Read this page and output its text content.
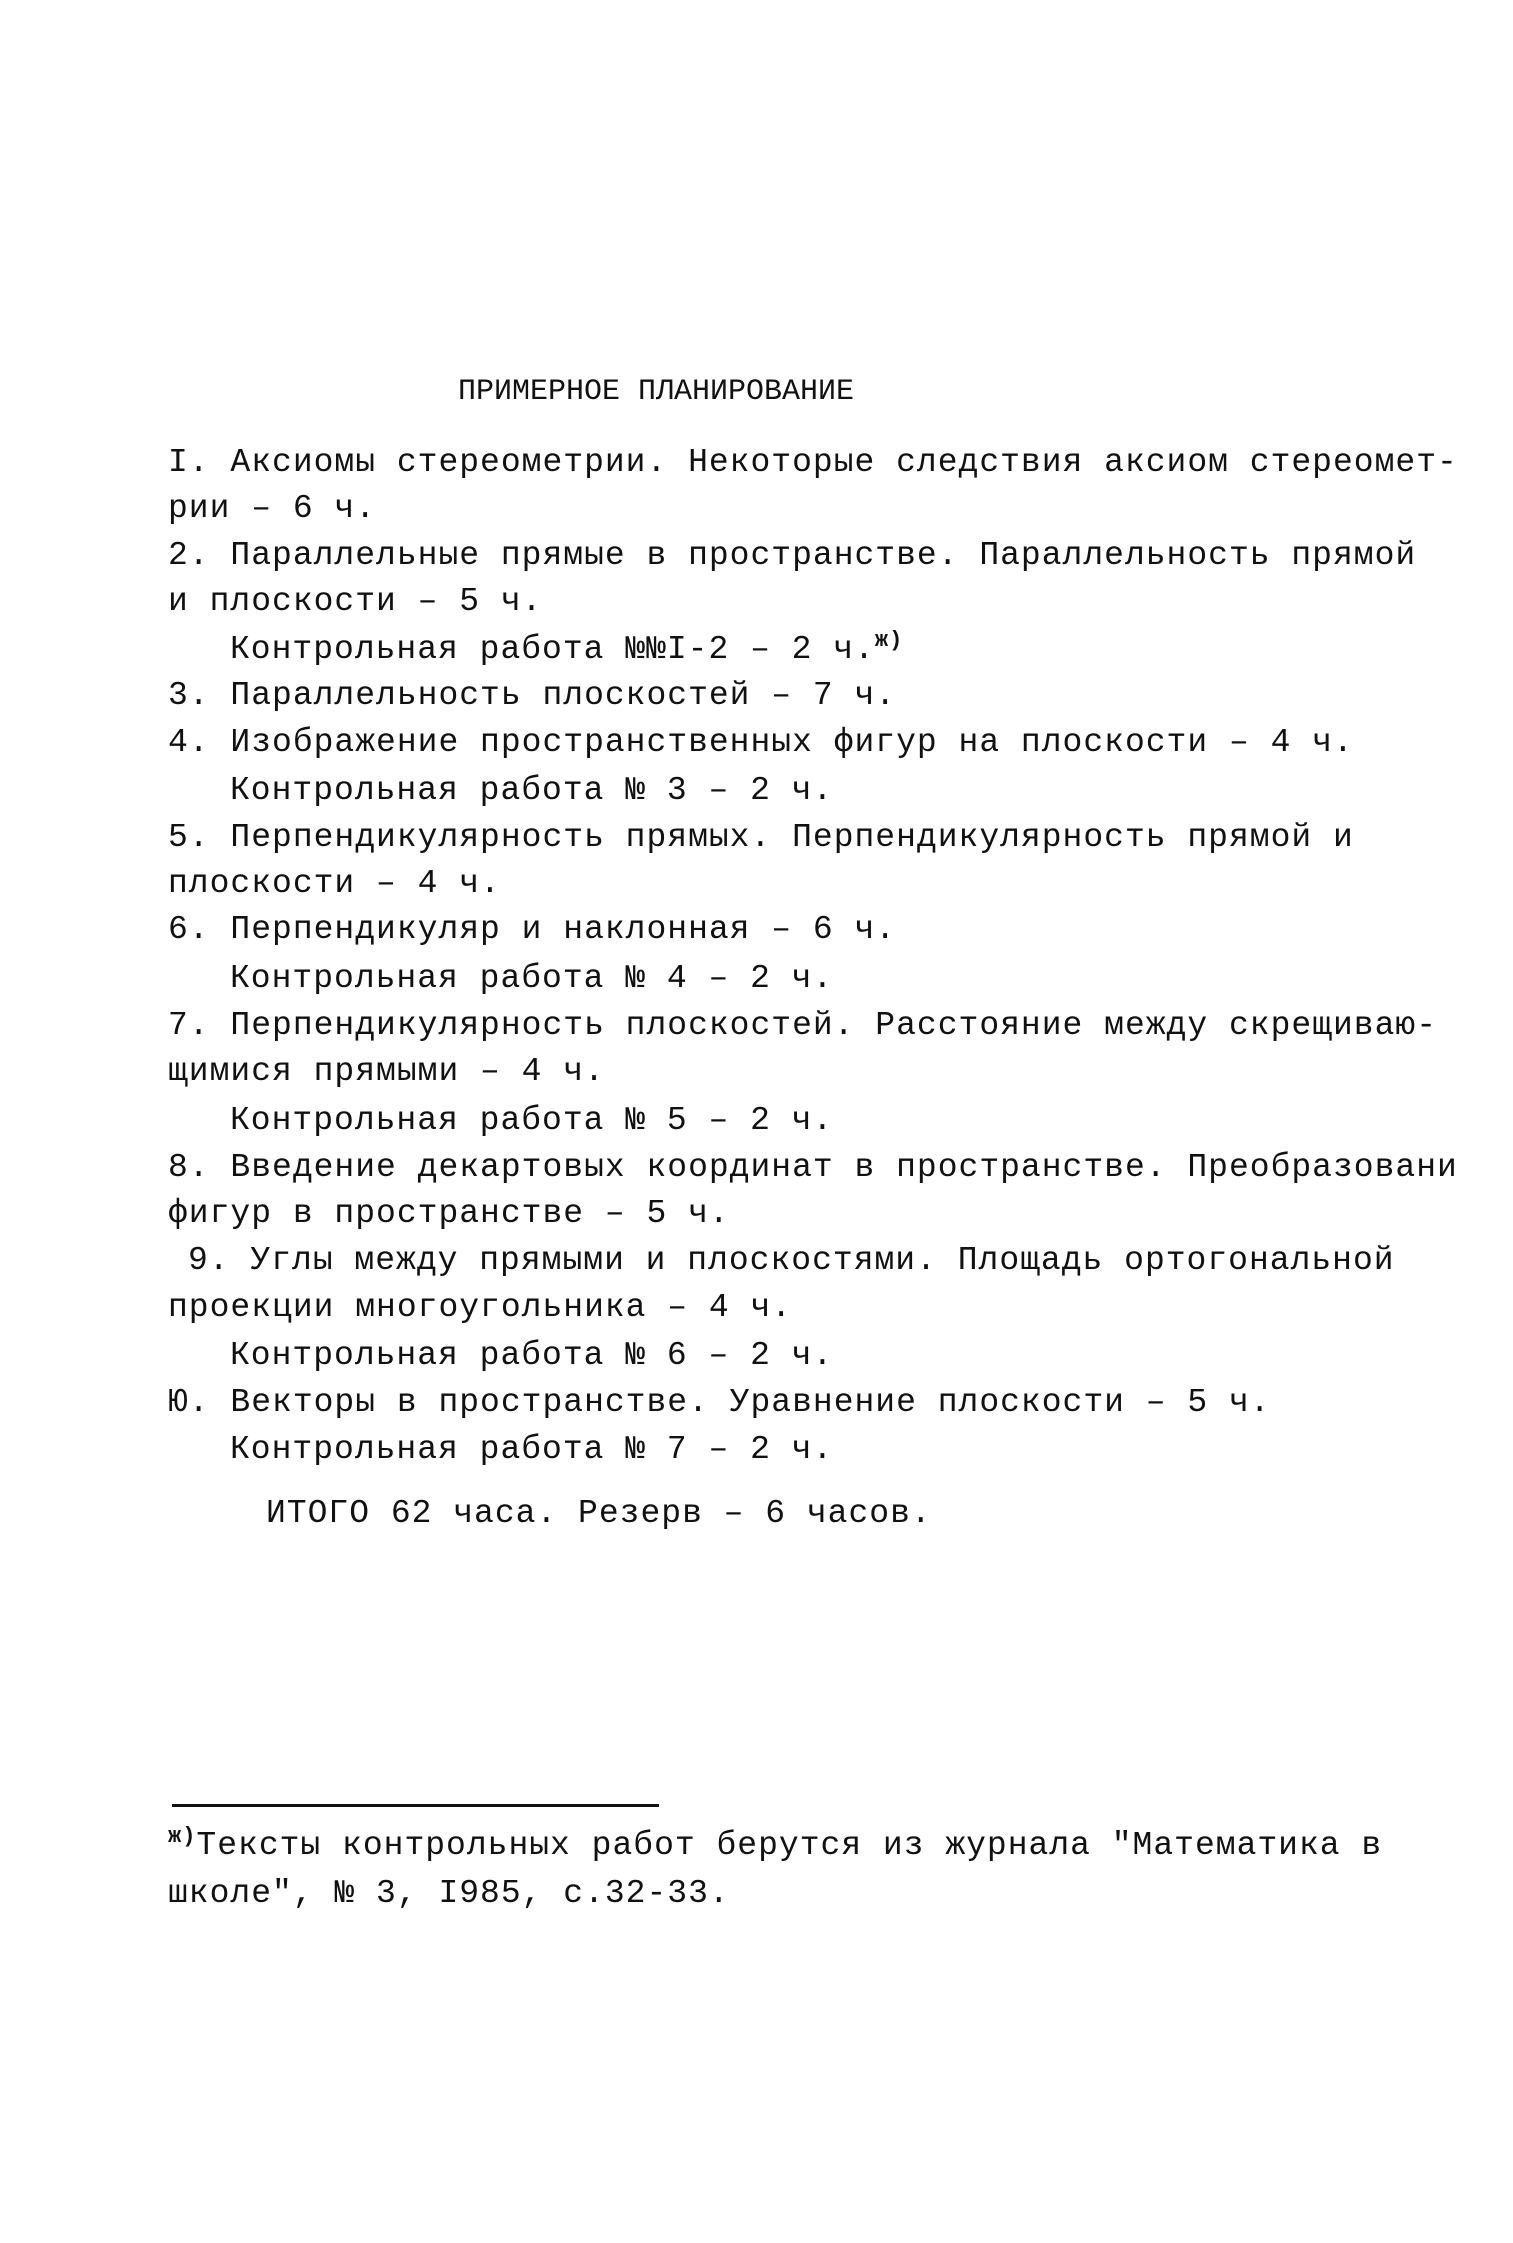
ПРИМЕРНОЕ ПЛАНИРОВАНИЕ
I. Аксиомы стереометрии. Некоторые следствия аксиом стереомет-
рии – 6 ч.
2. Параллельные прямые в пространстве. Параллельность прямой
и плоскости – 5 ч.
Контрольная работа №№I-2 – 2 ч.$^{ж)}$
3. Параллельность плоскостей – 7 ч.
4. Изображение пространственных фигур на плоскости – 4 ч.
Контрольная работа № 3 – 2 ч.
5. Перпендикулярность прямых. Перпендикулярность прямой и
плоскости – 4 ч.
6. Перпендикуляр и наклонная – 6 ч.
Контрольная работа № 4 – 2 ч.
7. Перпендикулярность плоскостей. Расстояние между скрещиваю-
щимися прямыми – 4 ч.
Контрольная работа № 5 – 2 ч.
8. Введение декартовых координат в пространстве. Преобразовани
фигур в пространстве – 5 ч.
9. Углы между прямыми и плоскостями. Площадь ортогональной
проекции многоугольника – 4 ч.
Контрольная работа № 6 – 2 ч.
Ю. Векторы в пространстве. Уравнение плоскости – 5 ч.
Контрольная работа № 7 – 2 ч.
ИТОГО 62 часа. Резерв – 6 часов.
$^{ж)}$Тексты контрольных работ берутся из журнала "Математика в
школе", № 3, I985, с.32-33.
